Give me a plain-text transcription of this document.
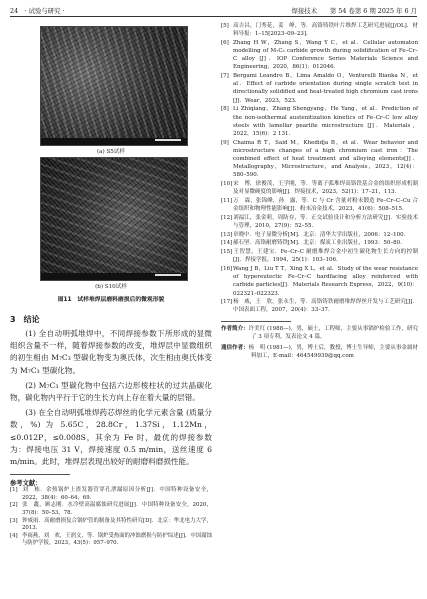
24　 · 试验与研究 ·	焊接技术　　 第 54 卷第 6 期 2025 年 6 月
(a) S5试样
(b) S10试样
图11　试样堆焊层磨料磨损后的微观形貌
3　结论

(1) 全自动明弧堆焊中，不同焊接参数下所形成的显微组织含量不一样，随着焊接参数的改变，堆焊层中显微组织的初生相由 M₇C₃ 型碳化物变为奥氏体，次生相由奥氏体变为 M₇C₃ 型碳化物。

(2) M₇C₃ 型碳化物中包括六边形棱柱状的过共晶碳化物，碳化物内平行于它的生长方向上存在着大量的层错。

(3) 在全自动明弧堆焊药芯焊丝的化学元素含量 (质量分数，%) 为 5.65C，28.8Cr，1.37Si，1.12Mn，≤0.012P，≤0.008S，其余为 Fe 时，最优的焊接参数为：焊接电压 31 V，焊接速度 0.5 m/min，送丝速度 6 m/min。此时，堆焊层表现出较好的耐磨料磨损性能。

参考文献：
[1] 刘　栋．余热锅炉上渣发器管穿孔泄漏原因分析[J]．中国特种设备安全，2022，38(4)：60–64，69.
[2] 张　鑫，顾志刚．水冷壁高温腐蚀研究进展[J]．中国特种设备安全，2020，37(8)：50–53，78.
[3] 钟威雨．高耐磨损复合锅炉管的制备及其特性研究[D]．北京：华北电力大学，2013.
[4] 李雨燕，刘　欢，王润文，等．锅炉受热面的冲蚀磨损与防护综述[J]．中国腐蚀与防护学报，2023，43(5)：957–970.
[5] 高吉昌，门秀花，姜　峥，等．高铬铸铁叶片堆焊工艺研究进展[J/OL]．材料导报：1–15[2023–09–23].
[6] Zhang H W，Zhang S，Wang Y C，et al．Cellular automaton modelling of M₇C₃ carbide growth during solidification of Fe–Cr–C alloy [J]．IOP Conference Series Materials Science and Engineering，2020，86(1)：012046.
[7] Bergami Leandro B，Lima Amaldo O，Venturelli Bianka N，et al．Effect of carbide orientation during single scratch test in directionally solidified and heat-treated high chromium cast irons [J]．Wear，2023，523.
[8] Li Zhiqiang，Zhang Shengyang，He Yang，et al．Prediction of the non-isothermal austenitization kinetics of Fe–Cr–C low alloy steels with lamellar pearlite microstructure [J]．Materials，2022，15(6)：2 131.
[9] Chaima R T，Said M，Khedidja B，et al．Wear behavior and microstructure changes of a high chromium cast iron：The combined effect of heat treatment and alloying elements[J]．Metallography，Microstructure，and Analysis，2023，12(4)：580–590.
[10]宋　博，徐俊茂，王学刚，等．等离子弧堆焊高铬铁基合金的组织形成机制及对显微硬度的影响[J]．焊接技术，2023，52(1)：17–21，113.
[11]万　霖，张锦峰，孙　露，等．C 与 Cr 含量对粉末锻造 Fe–Cr–C–Cu 合金组织和物理性能影响[J]．粉末冶金技术，2023，41(6)：508–515.
[12]刘福江，张金莉，周防存，等．正交试验设计和分析方法研究[J]．实验技术与管理，2010，27(9)：52–55.
[13]章晓中．电子显微分析[M]．北京：清华大学出版社，2006：12–100.
[14]郝石坚．高铬耐磨铸铁[M]．北京：煤炭工业出版社，1993：50–80.
[15]王智慧，王建宝．Fe–Cr–C 耐磨堆焊合金中初生碳化物生长方向的控制[J]．焊接学报，1994，25(1)：103–106.
[16]Wang J B，Liu T T，Xing X L，et al．Study of the wear resistance of hypereutectic Fe–Cr–C hardfacing alloy reinforced with carbide particles[J]．Materials Research Express，2022，9(10)：022321–022323.
[17]杨　威，王　欣，张永生，等．高铬铸铁耐磨堆焊焊丝开发与工艺研究[J]．中国表面工程，2007，20(4)：33–37.
作者简介：许美红 (1988—)，男，硕士，工程师，主要从事锅炉检验工作，研究了 3 项专利，发表论文 4 篇。
通信作者：杨　明 (1981—)，男，博士后，教授，博士生导师，主要从事金属材料加工，E-mail：464549939@qq.com
